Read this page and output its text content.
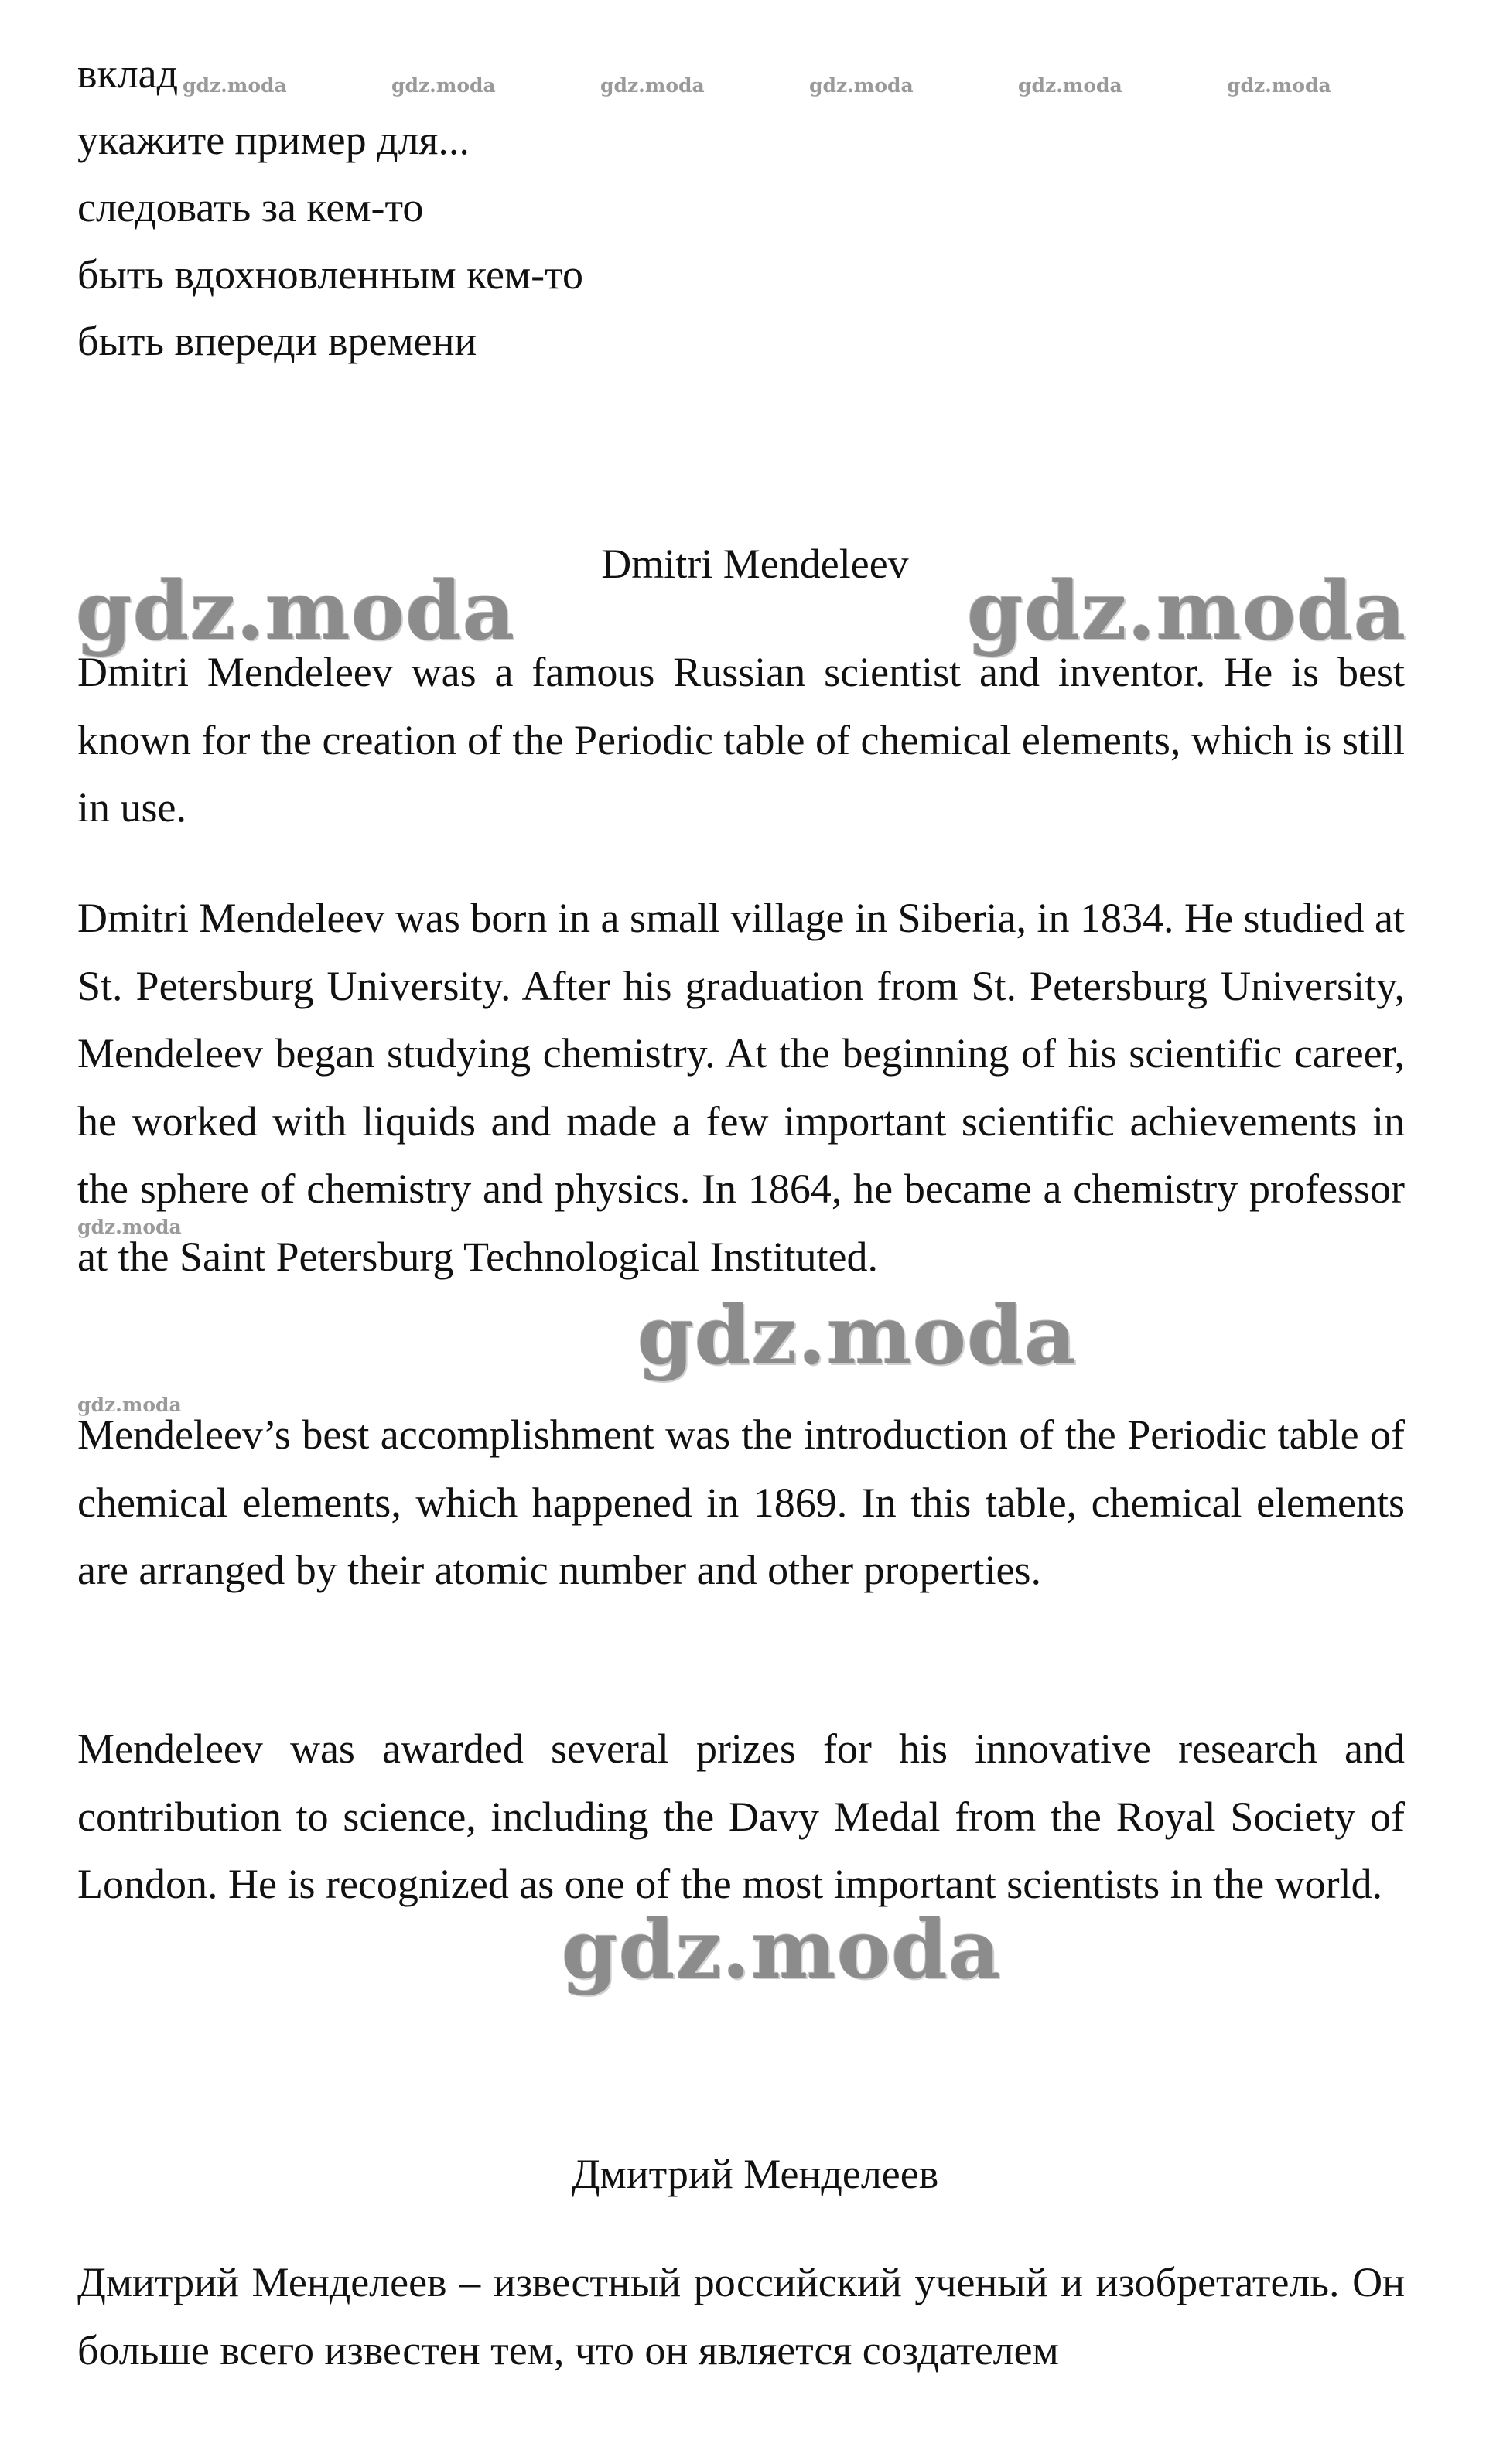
вклад
укажите пример для...
следовать за кем-то
быть вдохновленным кем-то
быть впереди времени
gdz.moda	gdz.moda	gdz.moda	gdz.moda	gdz.moda	gdz.moda
Dmitri Mendeleev
gdz.moda	gdz.moda
Dmitri Mendeleev was a famous Russian scientist and inventor. He is best known for the creation of the Periodic table of chemical elements, which is still in use.
Dmitri Mendeleev was born in a small village in Siberia, in 1834. He studied at St. Petersburg University. After his graduation from St. Petersburg University, Mendeleev began studying chemistry. At the beginning of his scientific career, he worked with liquids and made a few important scientific achievements in the sphere of chemistry and physics. In 1864, he became a chemistry professor at the Saint Petersburg Technological Instituted.
gdz.moda
gdz.moda
gdz.moda
Mendeleev’s best accomplishment was the introduction of the Periodic table of chemical elements, which happened in 1869. In this table, chemical elements are arranged by their atomic number and other properties.
Mendeleev was awarded several prizes for his innovative research and contribution to science, including the Davy Medal from the Royal Society of London. He is recognized as one of the most important scientists in the world.
gdz.moda
Дмитрий Менделеев
Дмитрий Менделеев – известный российский ученый и изобретатель. Он больше всего известен тем, что он является создателем
